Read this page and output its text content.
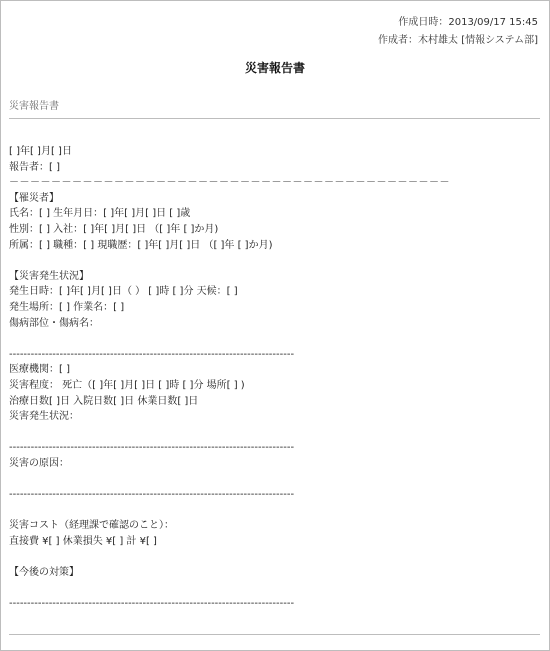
作成日時：2013/09/17 15:45
作成者：木村雄太 [情報システム部]
災害報告書
災害報告書
[ ]年[ ]月[ ]日
報告者：[ ]
－－－－－－－－－－－－－－－－－－－－－－－－－－－－－－－－－－－－－－－－－－
【罹災者】
氏名：[ ] 生年月日：[ ]年[ ]月[ ]日 [ ]歳
性別：[ ] 入社：[ ]年[ ]月[ ]日 （[ ]年 [ ]か月)
所属：[ ] 職種：[ ] 現職歴：[ ]年[ ]月[ ]日 （[ ]年 [ ]か月)
【災害発生状況】
発生日時：[ ]年[ ]月[ ]日（ ） [ ]時 [ ]分 天候：[ ]
発生場所：[ ] 作業名：[ ]
傷病部位・傷病名：
-------------------------------------------------------------------------------
医療機関：[ ]
災害程度： 死亡（[ ]年[ ]月[ ]日 [ ]時 [ ]分 場所[ ] )
治療日数[ ]日 入院日数[ ]日 休業日数[ ]日
災害発生状況：
-------------------------------------------------------------------------------
災害の原因：
-------------------------------------------------------------------------------
災害コスト（経理課で確認のこと）：
直接費 ¥[ ] 休業損失 ¥[ ] 計 ¥[ ]
【今後の対策】
-------------------------------------------------------------------------------
